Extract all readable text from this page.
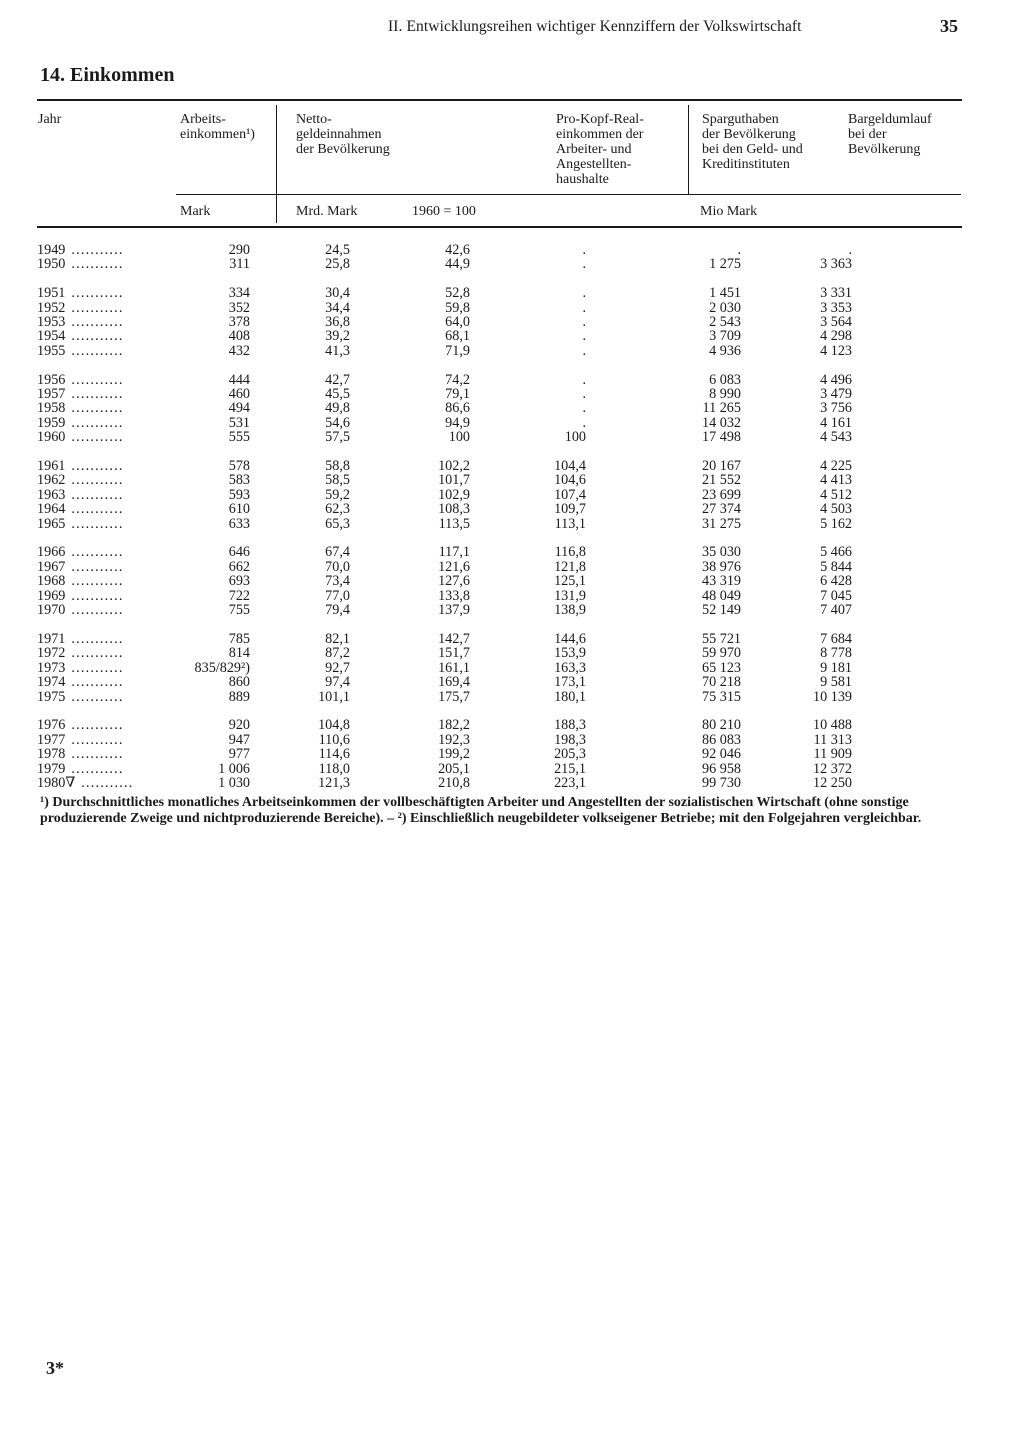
II. Entwicklungsreihen wichtiger Kennziffern der Volkswirtschaft	35
14. Einkommen
Jahr	Arbeits-
einkommen¹)
Netto-
geldeinnahmen
der Bevölkerung
Pro-Kopf-Real-
einkommen der
Arbeiter- und
Angestellten-
haushalte
Sparguthaben
der Bevölkerung
bei den Geld- und
Kreditinstituten
Bargeldumlauf
bei der
Bevölkerung
Mark	Mrd. Mark	1960 = 100	Mio Mark
1949 ...........	290	24,5	42,6	.	.	.	
1950 ...........	311	25,8	44,9	.	1 275	3 363	

1951 ...........	334	30,4	52,8	.	1 451	3 331	
1952 ...........	352	34,4	59,8	.	2 030	3 353	
1953 ...........	378	36,8	64,0	.	2 543	3 564	
1954 ...........	408	39,2	68,1	.	3 709	4 298	
1955 ...........	432	41,3	71,9	.	4 936	4 123	

1956 ...........	444	42,7	74,2	.	6 083	4 496	
1957 ...........	460	45,5	79,1	.	8 990	3 479	
1958 ...........	494	49,8	86,6	.	11 265	3 756	
1959 ...........	531	54,6	94,9	.	14 032	4 161	
1960 ...........	555	57,5	100	100	17 498	4 543	

1961 ...........	578	58,8	102,2	104,4	20 167	4 225	
1962 ...........	583	58,5	101,7	104,6	21 552	4 413	
1963 ...........	593	59,2	102,9	107,4	23 699	4 512	
1964 ...........	610	62,3	108,3	109,7	27 374	4 503	
1965 ...........	633	65,3	113,5	113,1	31 275	5 162	

1966 ...........	646	67,4	117,1	116,8	35 030	5 466	
1967 ...........	662	70,0	121,6	121,8	38 976	5 844	
1968 ...........	693	73,4	127,6	125,1	43 319	6 428	
1969 ...........	722	77,0	133,8	131,9	48 049	7 045	
1970 ...........	755	79,4	137,9	138,9	52 149	7 407	

1971 ...........	785	82,1	142,7	144,6	55 721	7 684	
1972 ...........	814	87,2	151,7	153,9	59 970	8 778	
1973 ...........	835/829²)	92,7	161,1	163,3	65 123	9 181	
1974 ...........	860	97,4	169,4	173,1	70 218	9 581	
1975 ...........	889	101,1	175,7	180,1	75 315	10 139	

1976 ...........	920	104,8	182,2	188,3	80 210	10 488	
1977 ...........	947	110,6	192,3	198,3	86 083	11 313	
1978 ...........	977	114,6	199,2	205,3	92 046	11 909	
1979 ...........	1 006	118,0	205,1	215,1	96 958	12 372	
1980∇ ...........	1 030	121,3	210,8	223,1	99 730	12 250	
¹) Durchschnittliches monatliches Arbeitseinkommen der vollbeschäftigten Arbeiter und Angestellten der sozialistischen Wirtschaft (ohne sonstige produzierende Zweige und nichtproduzierende Bereiche). – ²) Einschließlich neugebildeter volkseigener Betriebe; mit den Folgejahren vergleichbar.
3*
